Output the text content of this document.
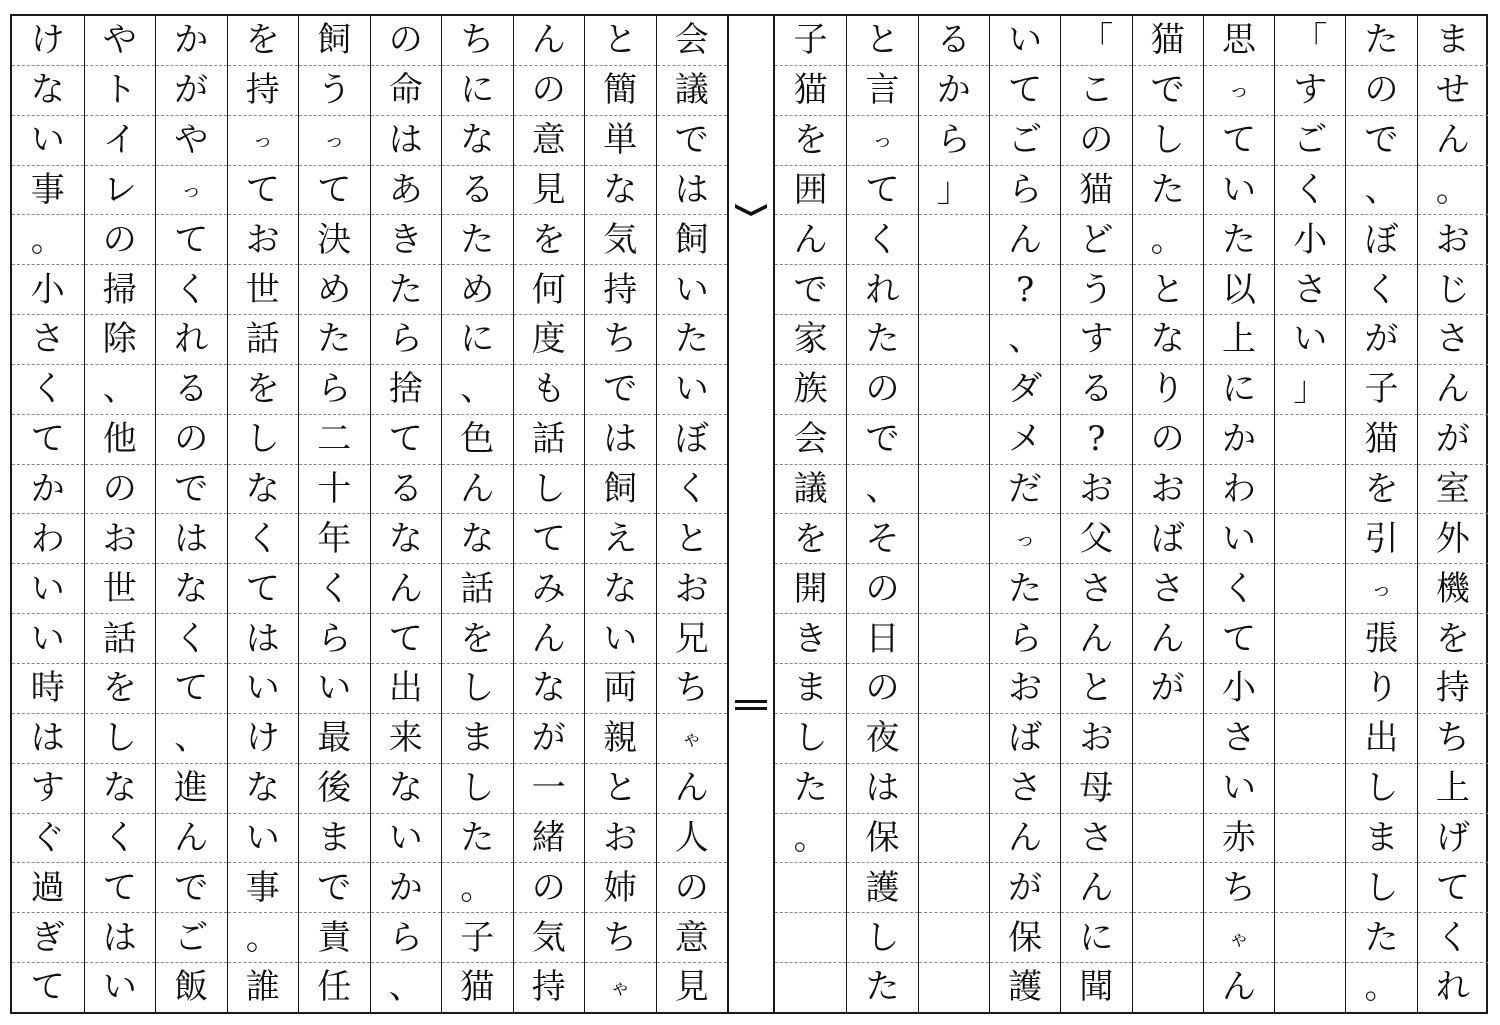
ま
せ
ん
。
お
じ
さ
ん
が
室
外
機
を
持
ち
上
げ
て
く
れ
た
の
で
、
ぼ
く
が
子
猫
を
引
っ
張
り
出
し
ま
し
た
。
「
す
ご
く
小
さ
い
」
思
っ
て
い
た
以
上
に
か
わ
い
く
て
小
さ
い
赤
ち
ゃ
ん
猫
で
し
た
。
と
な
り
の
お
ば
さ
ん
が
「
こ
の
猫
ど
う
す
る
?
お
父
さ
ん
と
お
母
さ
ん
に
聞
い
て
ご
ら
ん
?
、
ダ
メ
だ
っ
た
ら
お
ば
さ
ん
が
保
護
る
か
ら
」
と
言
っ
て
く
れ
た
の
で
、
そ
の
日
の
夜
は
保
護
し
た
子
猫
を
囲
ん
で
家
族
会
議
を
開
き
ま
し
た
。
会
議
で
は
飼
い
た
い
ぼ
く
と
お
兄
ち
ゃ
ん
人
の
意
見
と
簡
単
な
気
持
ち
で
は
飼
え
な
い
両
親
と
お
姉
ち
ゃ
ん
の
意
見
を
何
度
も
話
し
て
み
ん
な
が
一
緒
の
気
持
ち
に
な
る
た
め
に
、
色
ん
な
話
を
し
ま
し
た
。
子
猫
の
命
は
あ
き
た
ら
捨
て
る
な
ん
て
出
来
な
い
か
ら
、
飼
う
っ
て
決
め
た
ら
二
十
年
く
ら
い
最
後
ま
で
責
任
を
持
っ
て
お
世
話
を
し
な
く
て
は
い
け
な
い
事
。
誰
か
が
や
っ
て
く
れ
る
の
で
は
な
く
て
、
進
ん
で
ご
飯
や
ト
イ
レ
の
掃
除
、
他
の
お
世
話
を
し
な
く
て
は
い
け
な
い
事
。
小
さ
く
て
か
わ
い
い
時
は
す
ぐ
過
ぎ
て
